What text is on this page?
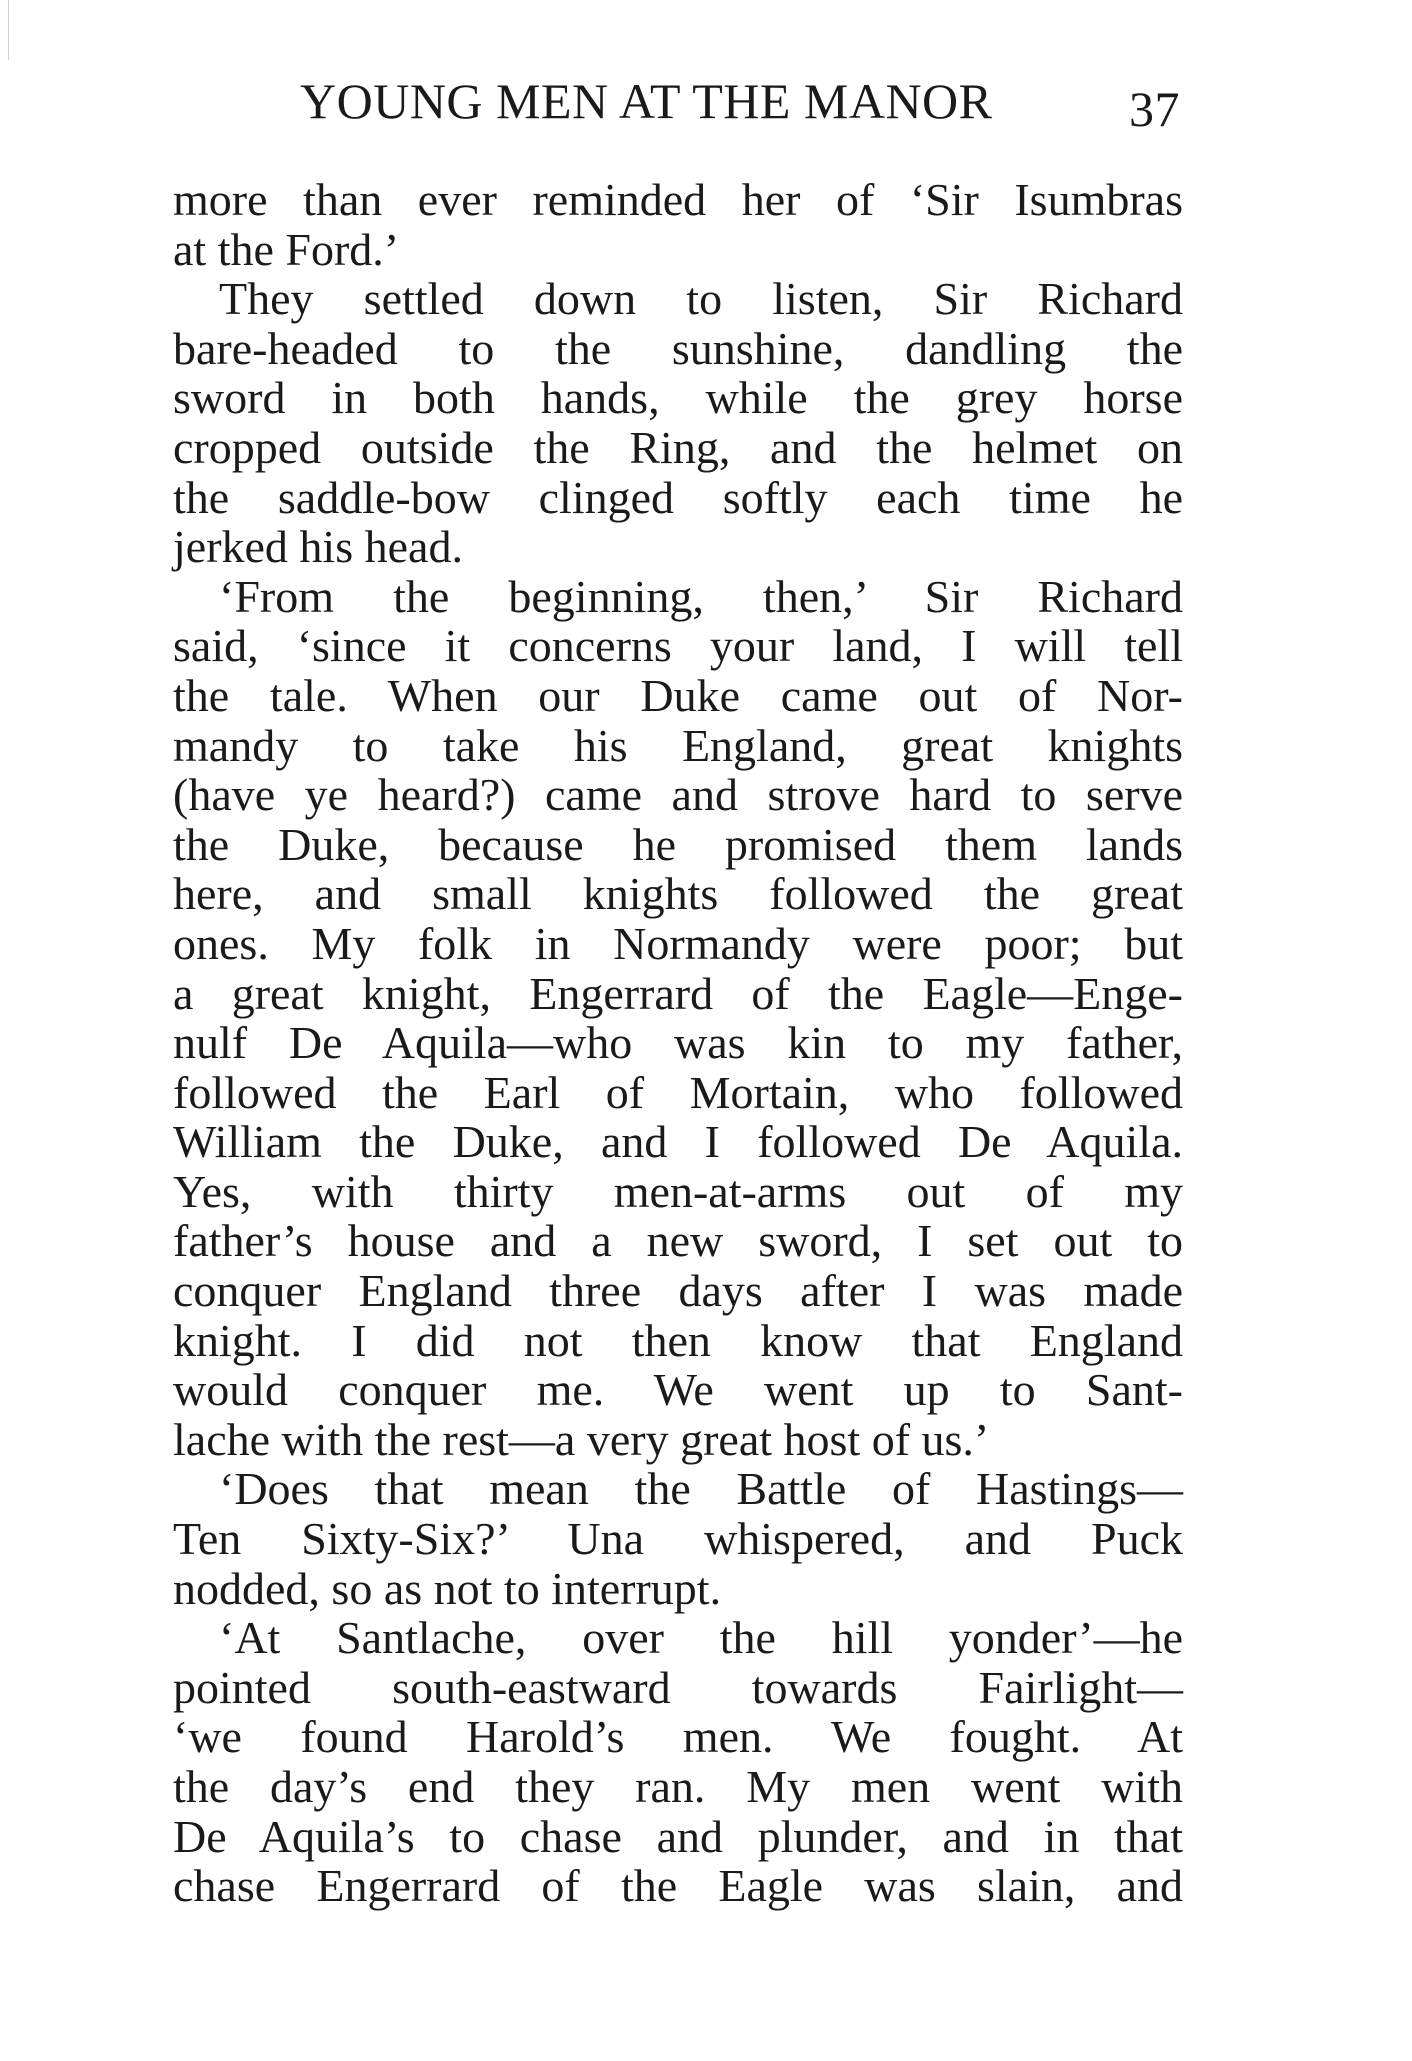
YOUNG MEN AT THE MANOR	37
more than ever reminded her of ‘Sir Isumbras
at the Ford.’
They settled down to listen, Sir Richard
bare-headed to the sunshine, dandling the
sword in both hands, while the grey horse
cropped outside the Ring, and the helmet on
the saddle-bow clinged softly each time he
jerked his head.
‘From the beginning, then,’ Sir Richard
said, ‘since it concerns your land, I will tell
the tale. When our Duke came out of Nor-
mandy to take his England, great knights
(have ye heard?) came and strove hard to serve
the Duke, because he promised them lands
here, and small knights followed the great
ones. My folk in Normandy were poor; but
a great knight, Engerrard of the Eagle—Enge-
nulf De Aquila—who was kin to my father,
followed the Earl of Mortain, who followed
William the Duke, and I followed De Aquila.
Yes, with thirty men-at-arms out of my
father’s house and a new sword, I set out to
conquer England three days after I was made
knight. I did not then know that England
would conquer me. We went up to Sant-
lache with the rest—a very great host of us.’
‘Does that mean the Battle of Hastings—
Ten Sixty-Six?’ Una whispered, and Puck
nodded, so as not to interrupt.
‘At Santlache, over the hill yonder’—he
pointed south-eastward towards Fairlight—
‘we found Harold’s men. We fought. At
the day’s end they ran. My men went with
De Aquila’s to chase and plunder, and in that
chase Engerrard of the Eagle was slain, and
